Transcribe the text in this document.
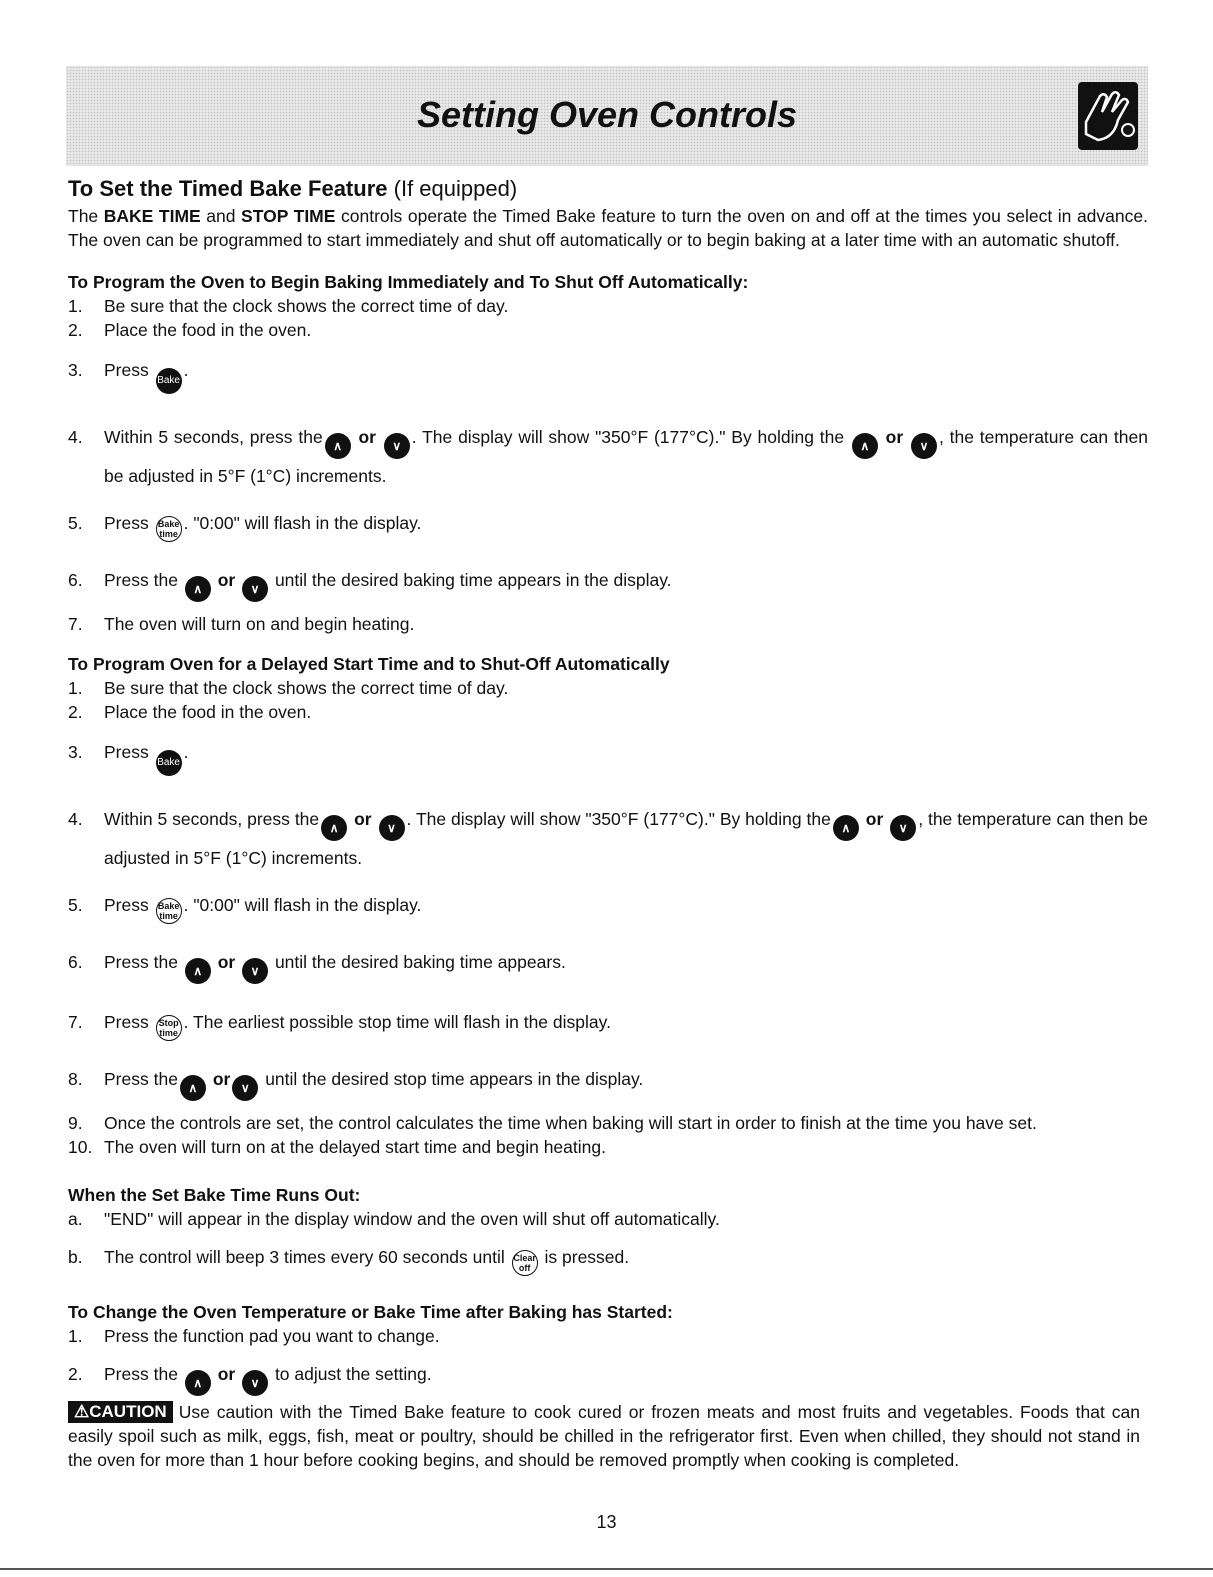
Setting Oven Controls
To Set the Timed Bake Feature (If equipped)

The BAKE TIME and STOP TIME controls operate the Timed Bake feature to turn the oven on and off at the times you select in advance. The oven can be programmed to start immediately and shut off automatically or to begin baking at a later time with an automatic shutoff.

To Program the Oven to Begin Baking Immediately and To Shut Off Automatically:
1.	Be sure that the clock shows the correct time of day.
2.	Place the food in the oven.
3.	Press Bake.
4.	Within 5 seconds, press the ∧ or ∨ . The display will show "350°F (177°C)." By holding the ∧ or ∨ , the temperature can then be adjusted in 5°F (1°C) increments.
5.	Press Bake time. "0:00" will flash in the display.
6.	Press the ∧ or ∨ until the desired baking time appears in the display.
7.	The oven will turn on and begin heating.
To Program Oven for a Delayed Start Time and to Shut-Off Automatically
1.	Be sure that the clock shows the correct time of day.
2.	Place the food in the oven.
3.	Press Bake.
4.	Within 5 seconds, press the ∧ or ∨ . The display will show "350°F (177°C)." By holding the ∧ or ∨ , the temperature can then be adjusted in 5°F (1°C) increments.
5.	Press Bake time. "0:00" will flash in the display.
6.	Press the ∧ or ∨ until the desired baking time appears.
7.	Press Stop time. The earliest possible stop time will flash in the display.
8.	Press the ∧ or ∨ until the desired stop time appears in the display.
9.	Once the controls are set, the control calculates the time when baking will start in order to finish at the time you have set.
10. The oven will turn on at the delayed start time and begin heating.
When the Set Bake Time Runs Out:
a.	"END" will appear in the display window and the oven will shut off automatically.
b.	The control will beep 3 times every 60 seconds until Clear off is pressed.
To Change the Oven Temperature or Bake Time after Baking has Started:
1.	Press the function pad you want to change.
2.	Press the ∧ or ∨ to adjust the setting.
⚠CAUTION Use caution with the Timed Bake feature to cook cured or frozen meats and most fruits and vegetables. Foods that can easily spoil such as milk, eggs, fish, meat or poultry, should be chilled in the refrigerator first. Even when chilled, they should not stand in the oven for more than 1 hour before cooking begins, and should be removed promptly when cooking is completed.
13
